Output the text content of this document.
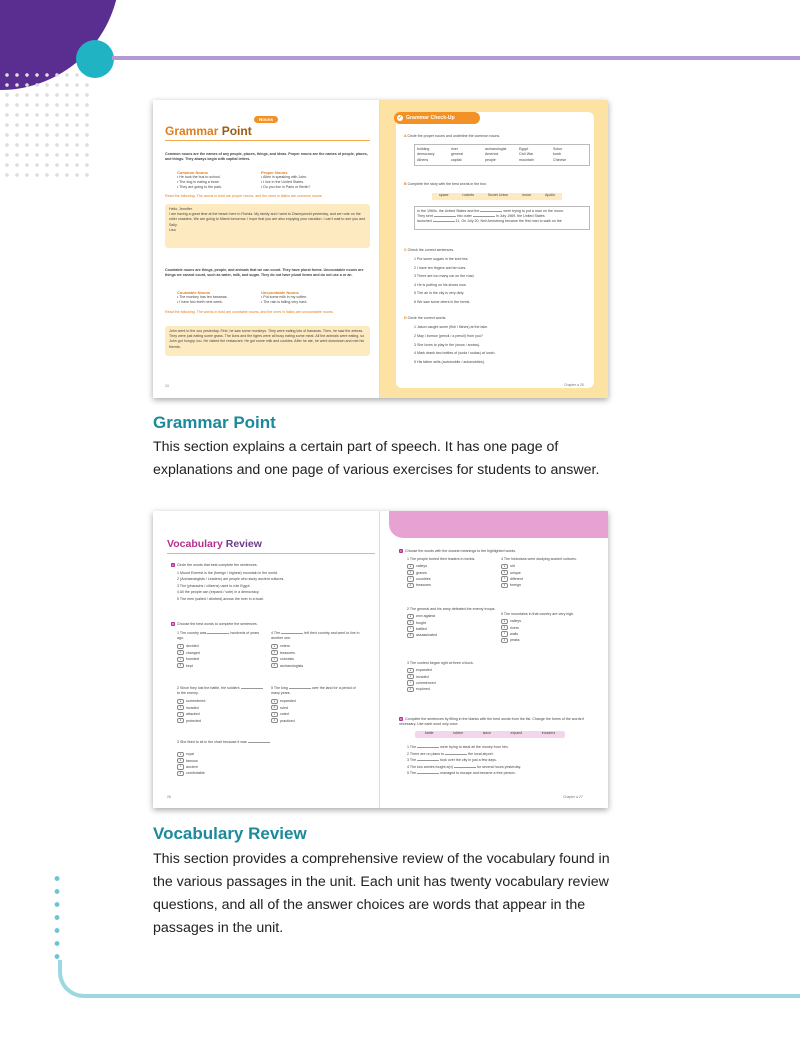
Nouns
Grammar Point
Common nouns are the names of any people, places, things, and ideas. Proper nouns are the names of people, places, and things. They always begin with capital letters.
Common Nouns
• He took the bus to school.
• The dog is eating a bone.
• They are going to the park.
Proper Nouns
• Allen is speaking with John.
• I live in the United States.
• Do you live in Paris or Berlin?
Read the following. The words in bold are proper nouns, and the ones in italics are common nouns.
Hello, Jennifer.
I am having a great time at the beach here in Florida. My family and I went to Disneyworld yesterday, and we rode on the roller coasters. We are going to Miami tomorrow. I hope that you are also enjoying your vacation. I can't wait to see you and Sally.
Lisa
Countable nouns are things, people, and animals that we can count. They have plural forms. Uncountable nouns are things we cannot count, such as water, milk, and sugar. They do not have plural forms and do not use a or an.
Countable Nouns
• The monkey has ten bananas.
• I have two teeth next week.
Uncountable Nouns
• Put some milk in my coffee.
• The rain is falling very hard.
Read the following. The words in bold are countable nouns, and the ones in italics are uncountable nouns.
John went to the zoo yesterday. First, he saw some monkeys. They were eating lots of bananas. Then, he saw the zebras. They were just eating some grass. The lions and the tigers were all busy eating some meat. All the animals were eating, so John got hungry, too. He visited the restaurant. He got some milk and cookies. After he ate, he went downtown and met his friends.
24
✓ Grammar Check-Up
A Circle the proper nouns and underline the common nouns.
building	river	archaeologist	Egypt	Solon
democracy	general	America	Civil War	tomb
Athens	capital	people	mountain	Chinese
B Complete the story with the best words in the box.
space	rockets	Soviet Union	moon	Apollo
In the 1960s, the United States and the	were trying to put a man on the moon.
They sent	into outer	In July 1969, the United States
launched	11. On July 20, Neil Armstrong became the first man to walk on the
C Check the correct sentences.
1 Put some sugars in the iced tea.
2 I have ten fingers and ten toes.
3 There are too many car on the road.
4 He is putting on his shoes now.
5 The air in the city is very dirty.
6 We saw some deers in the forest.
D Circle the correct words.
1 Jason caught some (fish / fishes) at the lake.
2 May I borrow (pencil / a pencil) from you?
3 She loves to play in the (snow / snows).
4 Mark drank two bottles of (soda / sodas) at lunch.
5 His father sells (automobile / automobiles).
Chapter ● 25
Grammar Point
This section explains a certain part of speech. It has one page of explanations and one page of various exercises for students to answer.
Vocabulary Review
A Circle the words that best complete the sentences.
1 Mount Everest is the (foreign / highest) mountain in the world.
2 (Archaeologists / Leaders) are people who study ancient cultures.
3 The (pharaohs / citizens) used to rule Egypt.
4 All the people can (expand / vote) in a democracy.
5 The men (sailed / climbed) across the river in a boat.
B Choose the best words to complete the sentences.
1 The country was	hundreds of years ago.
a decided
b changed
c founded
d kept
4 The	left their country and went to live in another one.
a voters
b treasures
c colonists
d archaeologists
2 Since they lost the battle, the soldiers  to the enemy.
a surrendered
b invaded
c attacked
d protected
5 The king	over the land for a period of many years.
a expanded
b ruled
c voted
d practiced
3 She liked to sit in the chair because it was
a royal
b famous
c ancient
d comfortable
26
C Choose the words with the closest meanings to the highlighted words.
1 The people buried their leaders in tombs.
a valleys
b graves
c countries
d treasures
4 The historians were studying ancient cultures.
a old
b unique
c different
d foreign
2 The general and his army defeated the enemy troops.
a won against
b fought
c battled
d assassinated
5 The mountains in that country are very high.
a valleys
b rivers
c walls
d peaks
3 The contest began right at three o'clock.
a expanded
b invaded
c commenced
d explored
D Complete the sentences by filling in the blanks with the best words from the list. Change the forms of the words if necessary. Use each word only once.
battle	robber	slave	expand	invaders
1 The	were trying to steal all the money from him.
2 There are no plans to	the local airport.
3 The	took over the city in just a few days.
4 The two armies fought a(n)	for several hours yesterday.
5 The	managed to escape and became a free person.
Chapter ● 27
Vocabulary Review
This section provides a comprehensive review of the vocabulary found in the various passages in the unit. Each unit has twenty vocabulary review questions, and all of the answer choices are words that appear in the passages in the unit.
